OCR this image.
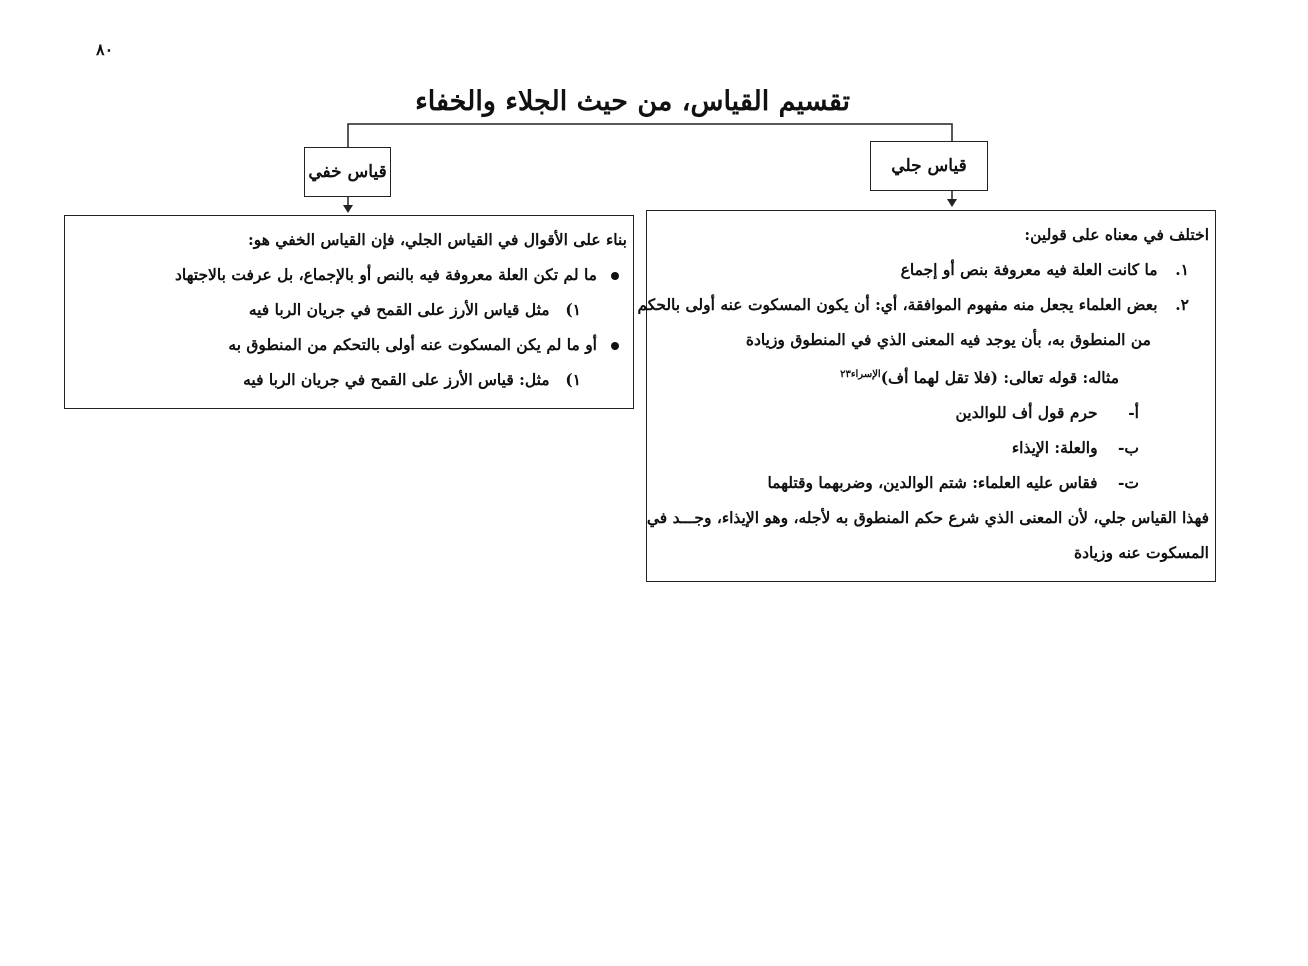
٨٠
تقسيم القياس، من حيث الجلاء والخفاء
قياس خفي	قياس جلي
اختلف في معناه على قولين:
١. ما كانت العلة فيه معروفة بنص أو إجماع
٢. بعض العلماء يجعل منه مفهوم الموافقة، أي: أن يكون المسكوت عنه أولى بالحكم
من المنطوق به، بأن يوجد فيه المعنى الذي في المنطوق وزيادة
مثاله: قوله تعالى: (فلا تقل لهما أف)$^{الإسراء٢٣}$
أ- حرم قول أف للوالدين
ب- والعلة: الإيذاء
ت- فقاس عليه العلماء: شتم الوالدين، وضربهما وقتلهما
فهذا القياس جلي، لأن المعنى الذي شرع حكم المنطوق به لأجله، وهو الإيذاء، وجـــد في
المسكوت عنه وزيادة
بناء على الأقوال في القياس الجلي، فإن القياس الخفي هو:
ما لم تكن العلة معروفة فيه بالنص أو بالإجماع، بل عرفت بالاجتهاد
١) مثل قياس الأرز على القمح في جريان الربا فيه
أو ما لم يكن المسكوت عنه أولى بالتحكم من المنطوق به
١) مثل: قياس الأرز على القمح في جريان الربا فيه
